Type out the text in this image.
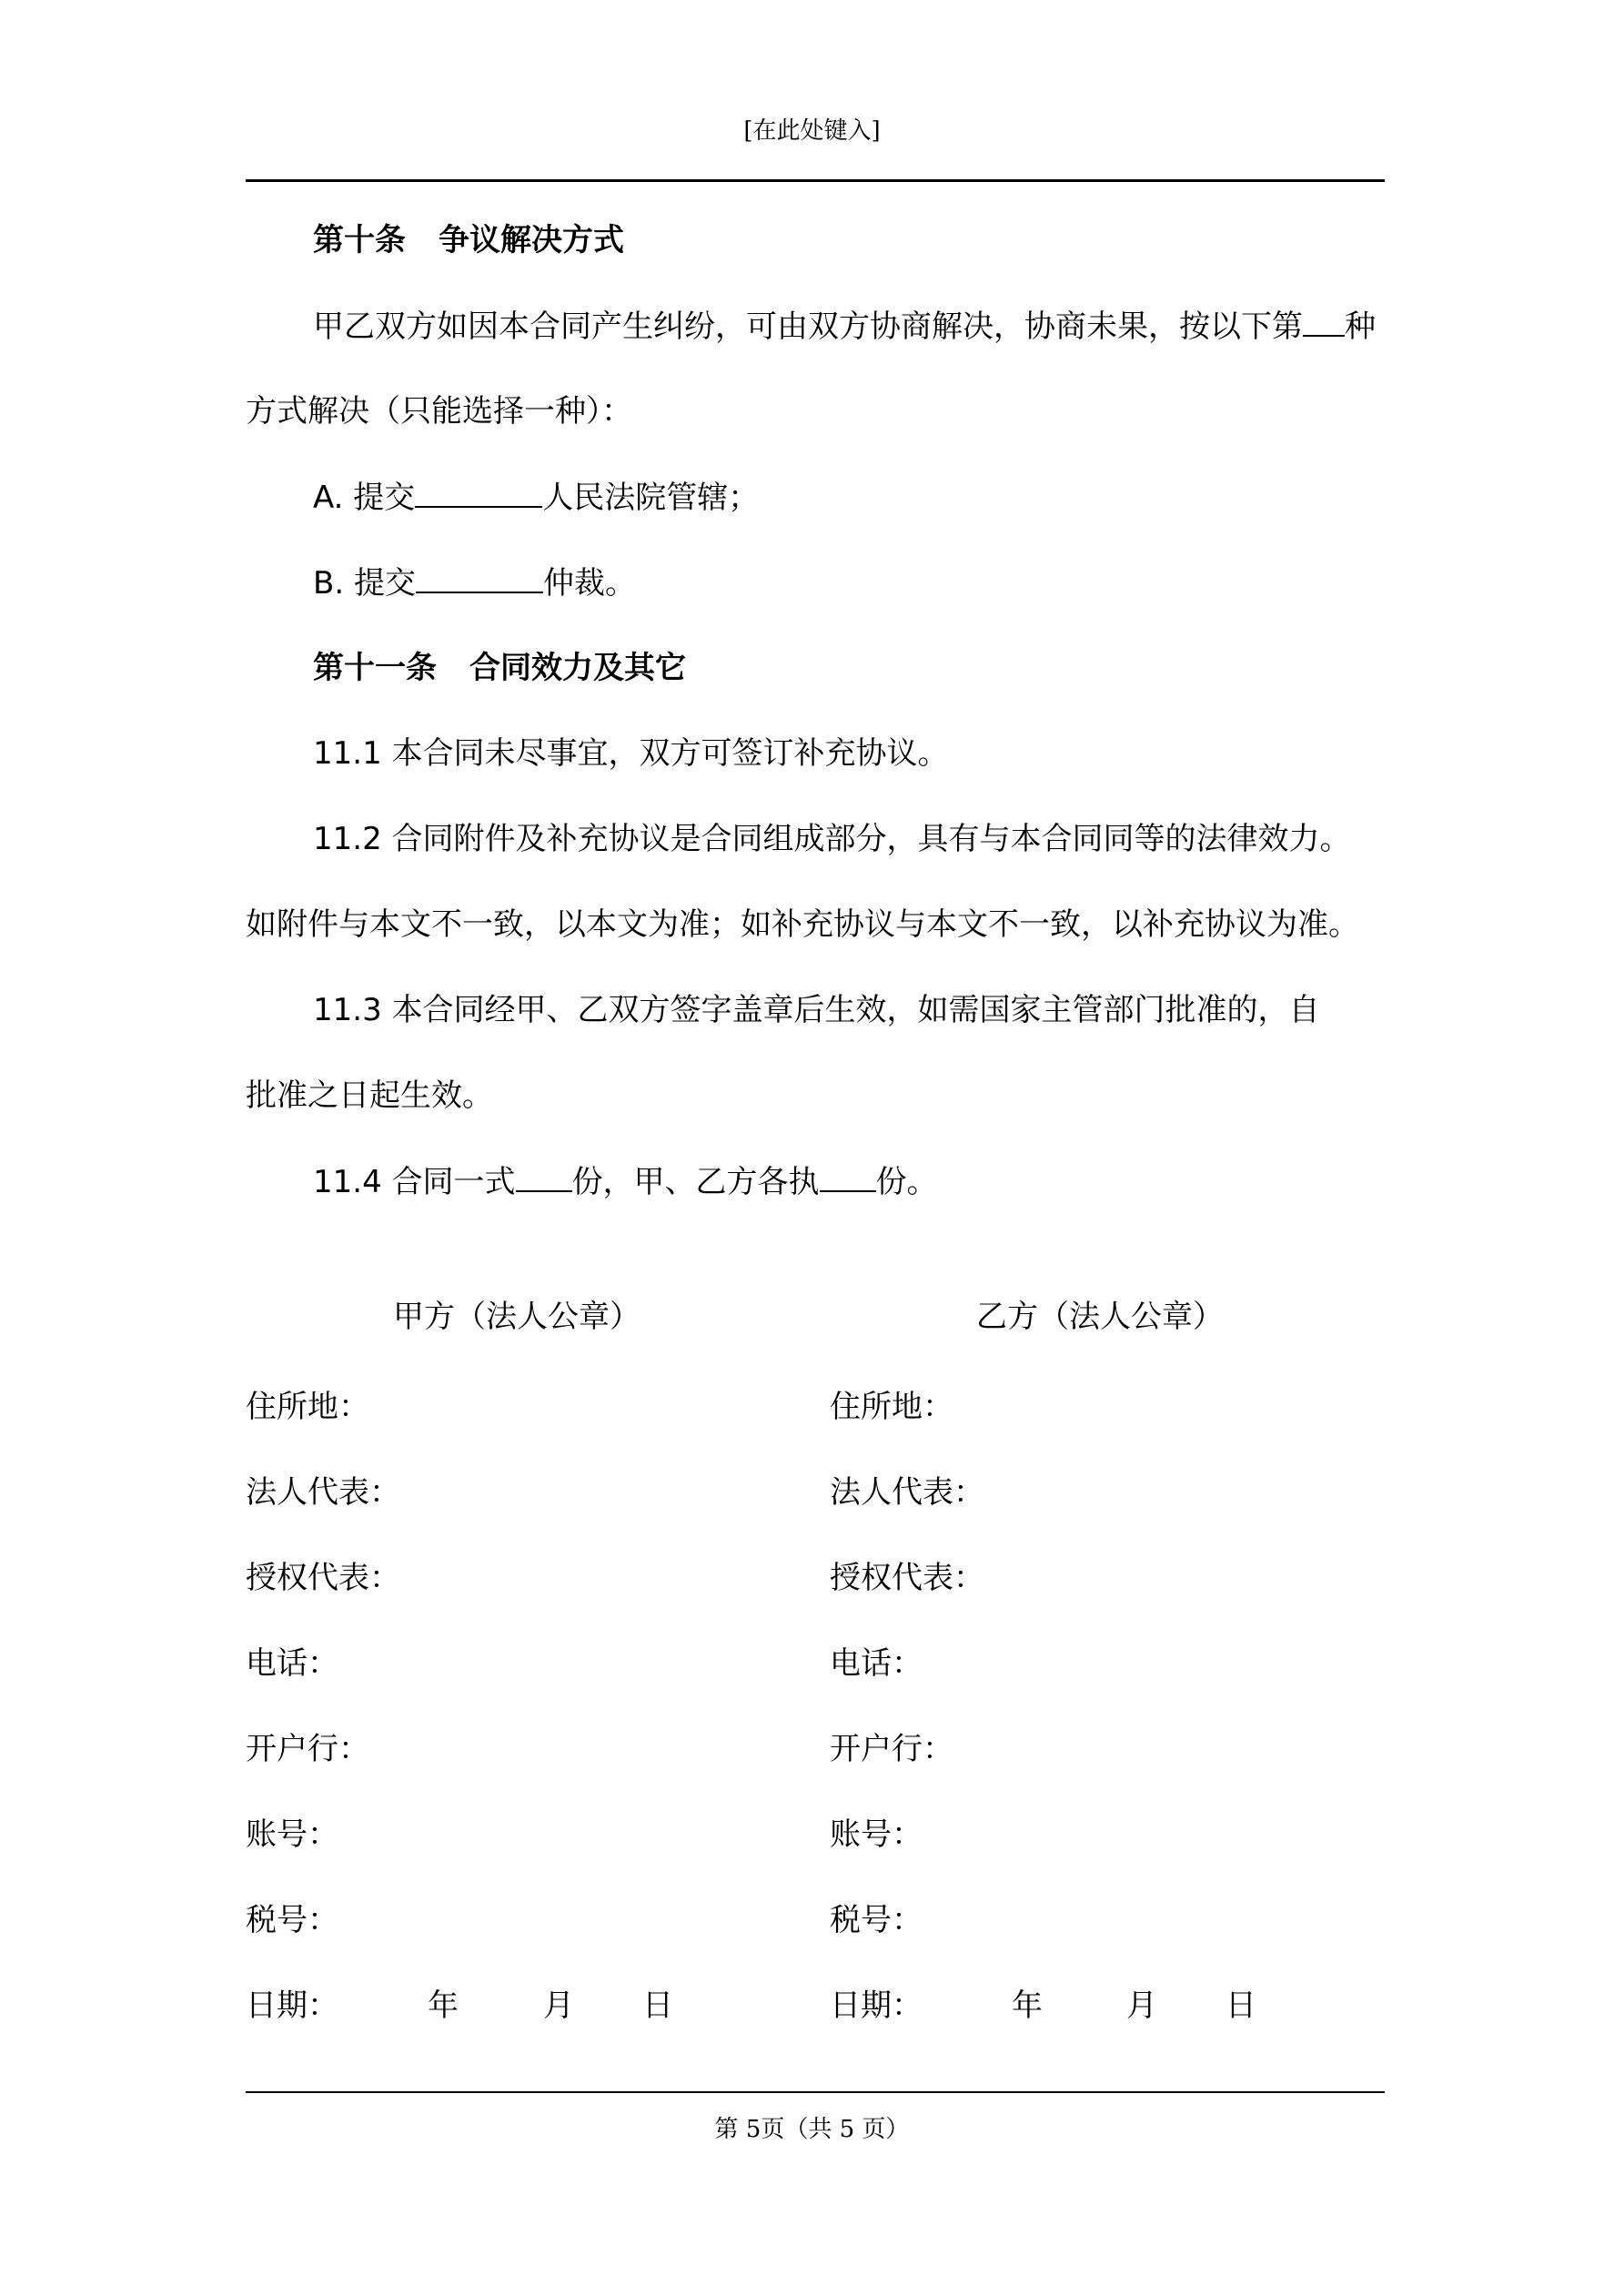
[在此处键入]
第十条 争议解决方式
甲乙双方如因本合同产生纠纷，可由双方协商解决，协商未果，按以下第 种
方式解决（只能选择一种）：
A. 提交	人民法院管辖；
B. 提交	仲裁。
第十一条 合同效力及其它
11.1 本合同未尽事宜，双方可签订补充协议。
11.2 合同附件及补充协议是合同组成部分，具有与本合同同等的法律效力。
如附件与本文不一致，以本文为准；如补充协议与本文不一致，以补充协议为准。
11.3 本合同经甲、乙双方签字盖章后生效，如需国家主管部门批准的，自
批准之日起生效。
11.4 合同一式 份，甲、乙方各执 份。
甲方（法人公章）
住所地：
法人代表：
授权代表：
电话：
开户行：
账号：
税号：
日期：	年	月 日
乙方（法人公章）
住所地：
法人代表：
授权代表：
电话：
开户行：
账号：
税号：
日期：	年	月 日
第 5页（共 5 页）
